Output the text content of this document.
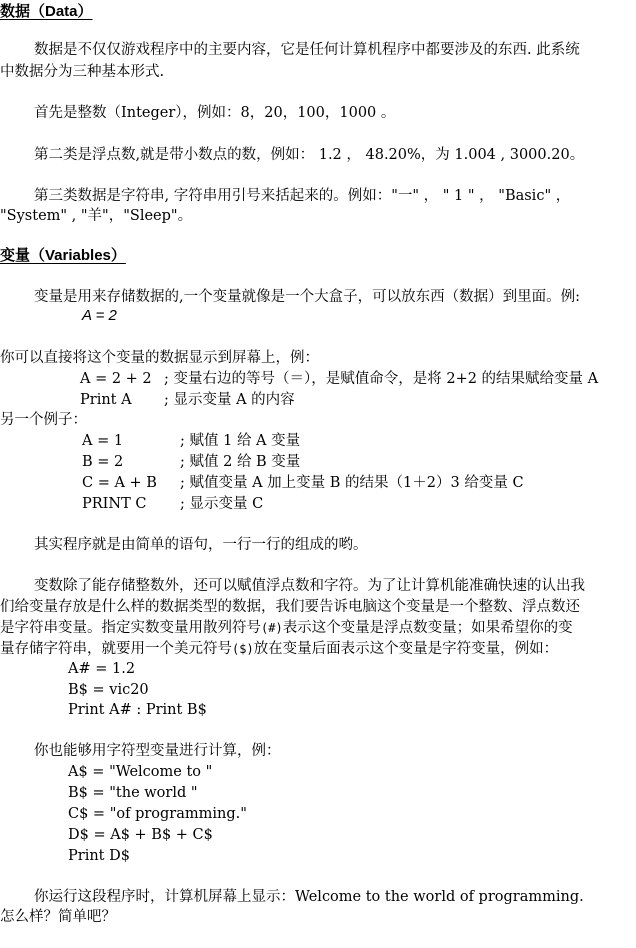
数据（Data）
数据是不仅仅游戏程序中的主要内容，它是任何计算机程序中都要涉及的东西. 此系统
中数据分为三种基本形式.
首先是整数（Integer），例如：8，20，100，1000 。
第二类是浮点数,就是带小数点的数，例如： 1.2 ， 48.20%，为 1.004 , 3000.20。
第三类数据是字符串, 字符串用引号来括起来的。例如："一" ， " 1 " ， "Basic" ，
"System" , "羊"，"Sleep"。
变量（Variables）
变量是用来存储数据的,一个变量就像是一个大盒子，可以放东西（数据）到里面。例:
A = 2
你可以直接将这个变量的数据显示到屏幕上，例：
A = 2 + 2 ; 变量右边的等号（＝），是赋值命令，是将 2+2 的结果赋给变量 A
Print A ; 显示变量 A 的内容
另一个例子：
A = 1	; 赋值 1 给 A 变量
B = 2	; 赋值 2 给 B 变量
C = A + B ; 赋值变量 A 加上变量 B 的结果（1＋2）3 给变量 C
PRINT C ; 显示变量 C
其实程序就是由简单的语句，一行一行的组成的哟。
变数除了能存储整数外，还可以赋值浮点数和字符。为了让计算机能准确快速的认出我
们给变量存放是什么样的数据类型的数据，我们要告诉电脑这个变量是一个整数、浮点数还
是字符串变量。指定实数变量用散列符号(#)表示这个变量是浮点数变量；如果希望你的变
量存储字符串，就要用一个美元符号($)放在变量后面表示这个变量是字符变量，例如：
A# = 1.2
B$ = vic20
Print A# : Print B$
你也能够用字符型变量进行计算，例：
A$ = "Welcome to "
B$ = "the world "
C$ = "of programming."
D$ = A$ + B$ + C$
Print D$
你运行这段程序时，计算机屏幕上显示：Welcome to the world of programming.
怎么样？简单吧？
